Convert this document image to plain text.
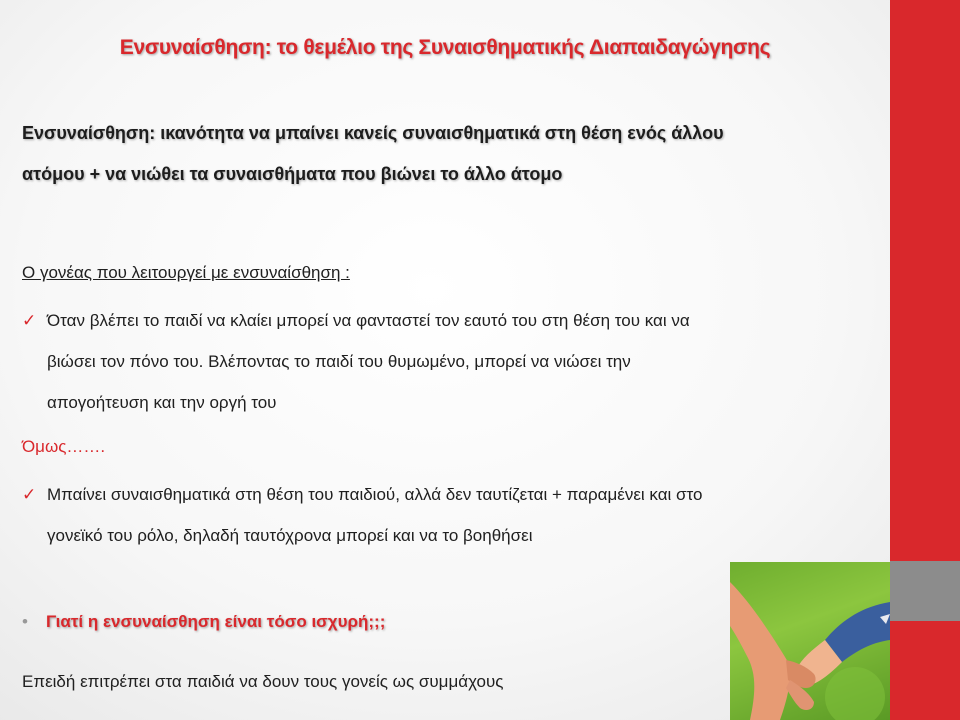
Ενσυναίσθηση: το θεμέλιο της Συναισθηματικής Διαπαιδαγώγησης
Ενσυναίσθηση: ικανότητα να μπαίνει κανείς συναισθηματικά στη θέση ενός άλλου
ατόμου + να νιώθει τα συναισθήματα που βιώνει το άλλο άτομο
Ο γονέας που λειτουργεί με ενσυναίσθηση :
✓ Όταν βλέπει το παιδί να κλαίει μπορεί να φανταστεί τον εαυτό του στη θέση του και να
βιώσει τον πόνο του. Βλέποντας το παιδί του θυμωμένο, μπορεί να νιώσει την
απογοήτευση και την οργή του
Όμως…….
✓ Μπαίνει συναισθηματικά στη θέση του παιδιού, αλλά δεν ταυτίζεται + παραμένει και στο
γονεϊκό του ρόλο, δηλαδή ταυτόχρονα μπορεί και να το βοηθήσει
• Γιατί η ενσυναίσθηση είναι τόσο ισχυρή;;;
Επειδή επιτρέπει στα παιδιά να δουν τους γονείς ως συμμάχους
